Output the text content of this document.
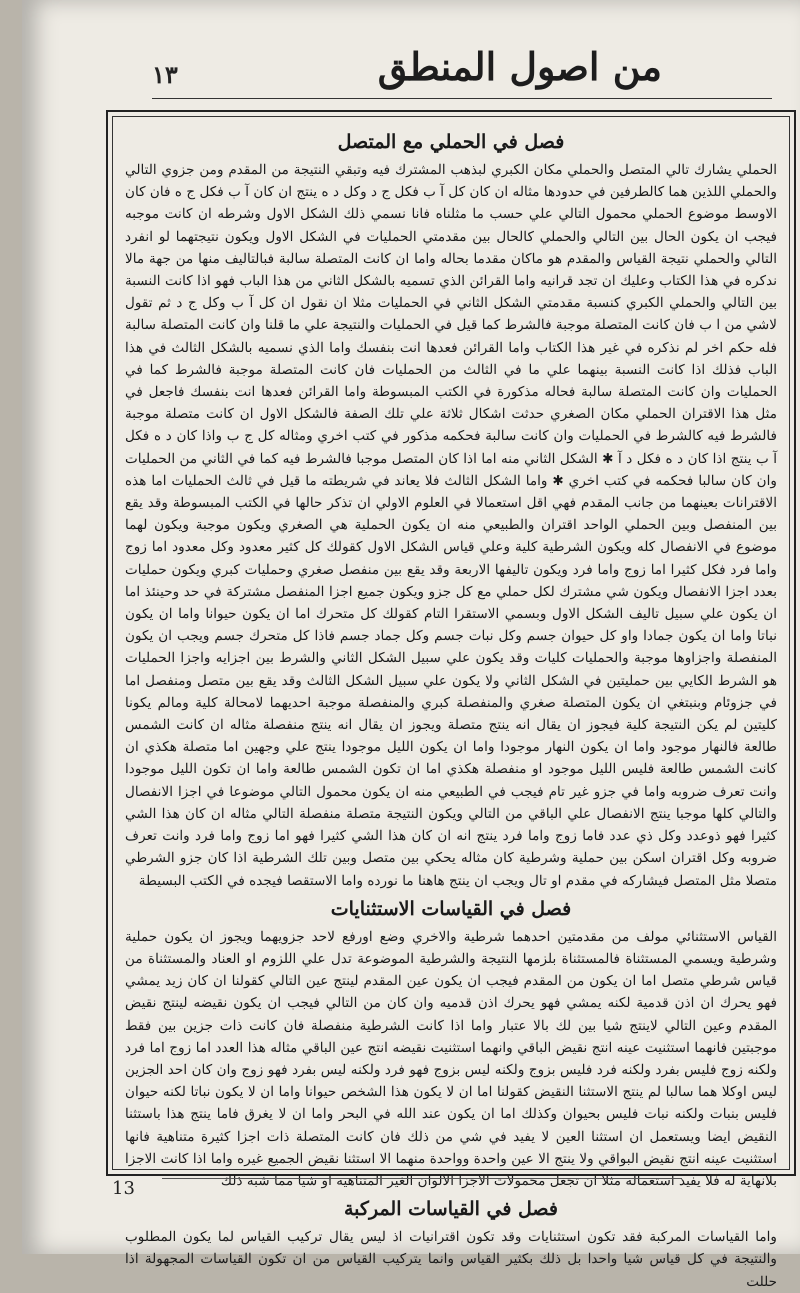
من اصول المنطق
١٣
فصل في الحملي مع المتصل

الحملي يشارك تالي المتصل والحملي مكان الكبري لبذهب المشترك فيه وتبقي النتيجة من المقدم ومن جزوي التالي والحملي اللذين هما كالطرفين في حدودها مثاله ان كان كل آ ب فكل ج د وكل د ه ينتج ان كان آ ب فكل ج ه فان كان الاوسط موضوع الحملي محمول التالي علي حسب ما مثلناه فانا نسمي ذلك الشكل الاول وشرطه ان كانت موجبه فيجب ان يكون الحال بين التالي والحملي كالحال بين مقدمتي الحمليات في الشكل الاول ويكون نتيجتهما لو انفرد التالي والحملي نتيجة القياس والمقدم هو ماكان مقدما بحاله واما ان كانت المتصلة سالبة فبالتاليف منها من جهة مالا ندكره في هذا الكتاب وعليك ان تجد قرانيه واما القرائن الذي تسميه بالشكل الثاني من هذا الباب فهو اذا كانت النسبة بين التالي والحملي الكبري كنسبة مقدمتي الشكل الثاني في الحمليات مثلا ان نقول ان كل آ ب وكل ج د ثم تقول لاشي من ا ب فان كانت المتصلة موجبة فالشرط كما قيل في الحمليات والنتيجة علي ما قلنا وان كانت المتصلة سالبة فله حكم اخر لم نذكره في غير هذا الكتاب واما القرائن فعدها انت بنفسك واما الذي نسميه بالشكل الثالث في هذا الباب فذلك اذا كانت النسبة بينهما علي ما في الثالث من الحمليات فان كانت المتصلة موجبة فالشرط كما في الحمليات وان كانت المتصلة سالبة فحاله مذكورة في الكتب المبسوطة واما القرائن فعدها انت بنفسك فاجعل في مثل هذا الاقتران الحملي مكان الصغري حدثت اشكال ثلاثة علي تلك الصفة فالشكل الاول ان كانت متصلة موجبة فالشرط فيه كالشرط في الحمليات وان كانت سالبة فحكمه مذكور في كتب اخري ومثاله كل ج ب واذا كان د ه فكل آ ب ينتج اذا كان د ه فكل د آ ✱ الشكل الثاني منه اما اذا كان المتصل موجبا فالشرط فيه كما في الثاني من الحمليات وان كان سالبا فحكمه في كتب اخري ✱ واما الشكل الثالث فلا يعاند في شريطته ما قيل في ثالث الحمليات اما هذه الاقترانات بعينهما من جانب المقدم فهي اقل استعمالا في العلوم الاولي ان تذكر حالها في الكتب المبسوطة وقد يقع بين المنفصل وبين الحملي الواحد اقتران والطبيعي منه ان يكون الحملية هي الصغري ويكون موجبة ويكون لهما موضوع في الانفصال كله ويكون الشرطية كلية وعلي قياس الشكل الاول كقولك كل كثير معدود وكل معدود اما زوج واما فرد فكل كثيرا اما زوج واما فرد ويكون تاليفها الاربعة وقد يقع بين منفصل صغري وحمليات كبري ويكون حمليات بعدد اجزا الانفصال ويكون شي مشترك لكل حملي مع كل جزو ويكون جميع اجزا المنفصل مشتركة في حد وحينئذ اما ان يكون علي سبيل تاليف الشكل الاول وبسمي الاستقرا التام كقولك كل متحرك اما ان يكون حيوانا واما ان يكون نباتا واما ان يكون جمادا واو كل حيوان جسم وكل نبات جسم وكل جماد جسم فاذا كل متحرك جسم ويجب ان يكون المنفصلة واجزاوها موجبة والحمليات كليات وقد يكون علي سبيل الشكل الثاني والشرط بين اجزايه واجزا الحمليات هو الشرط الكايي بين حمليتين في الشكل الثاني ولا يكون علي سبيل الشكل الثالث وقد يقع بين متصل ومنفصل اما في جزوئام وبنبتغي ان يكون المتصلة صغري والمنفصلة كبري والمنفصلة موجبة احديهما لامحالة كلية ومالم يكونا كليتين لم يكن النتيجة كلية فيجوز ان يقال انه ينتج متصلة ويجوز ان يقال انه ينتج منفصلة مثاله ان كانت الشمس طالعة فالنهار موجود واما ان يكون النهار موجودا واما ان يكون الليل موجودا ينتج علي وجهين اما متصلة هكذي ان كانت الشمس طالعة فليس الليل موجود او منفصلة هكذي اما ان تكون الشمس طالعة واما ان تكون الليل موجودا وانت تعرف ضروبه واما في جزو غير تام فيجب في الطبيعي منه ان يكون محمول التالي موضوعا في اجزا الانفصال والتالي كلها موجبا ينتج الانفصال علي الباقي من التالي ويكون النتيجة متصلة منفصلة التالي مثاله ان كان هذا الشي كثيرا فهو ذوعدد وكل ذي عدد فاما زوج واما فرد ينتج انه ان كان هذا الشي كثيرا فهو اما زوج واما فرد وانت تعرف ضروبه وكل اقتران اسكن بين حملية وشرطية كان مثاله يحكي بين متصل وبين تلك الشرطية اذا كان جزو الشرطي متصلا مثل المتصل فيشاركه في مقدم او تال ويجب ان ينتج هاهنا ما نورده واما الاستقصا فيجده في الكتب البسيطة

فصل في القياسات الاستثنايات

القياس الاستثنائي مولف من مقدمتين احدهما شرطية والاخري وضع اورفع لاحد جزويهما ويجوز ان يكون حملية وشرطية ويسمي المستثناة فالمستثناة بلزمها النتيجة والشرطية الموضوعة تدل علي اللزوم او العناد والمستثناة من قياس شرطي متصل اما ان يكون من المقدم فيجب ان يكون عين المقدم لينتج عين التالي كقولنا ان كان زيد يمشي فهو يحرك ان اذن قدمية لكنه يمشي فهو يحرك اذن قدميه وان كان من التالي فيجب ان يكون نقيضه لينتج نقيض المقدم وعين التالي لاينتج شيا بين لك بالا عتبار واما اذا كانت الشرطية منفصلة فان كانت ذات جزين بين فقط موجبتين فانهما استثنيت عينه انتج نقيض الباقي وانهما استثنيت نقيضه انتج عين الباقي مثاله هذا العدد اما زوج اما فرد ولكنه زوج فليس بفرد ولكنه فرد فليس بزوج ولكنه ليس بزوج فهو فرد ولكنه ليس بفرد فهو زوج وان كان احد الجزين ليس اوكلا هما سالبا لم ينتج الاستثنا النقيض كقولنا اما ان لا يكون هذا الشخص حيوانا واما ان لا يكون نباتا لكنه حيوان فليس بنبات ولكنه نبات فليس بحيوان وكذلك اما ان يكون عند الله في البحر واما ان لا يغرق فاما ينتج هذا باستثنا النقيض ايضا ويستعمل ان استثنا العين لا يفيد في شي من ذلك فان كانت المتصلة ذات اجزا كثيرة متناهية فانها استثنيت عينه انتج نقيض البواقي ولا ينتج الا عين واحدة وواحدة منهما الا استثنا نقيض الجميع غيره واما اذا كانت الاجزا بلانهاية له فلا يفيد استعماله مثلا ان تجعل محمولات الاجزا الالوان الغير المتناهية او شيا مما شبه ذلك

فصل في القياسات المركبة

واما القياسات المركبة فقد تكون استثنايات وقد تكون اقترانيات اذ ليس يقال تركيب القياس لما يكون المطلوب والنتيجة في كل قياس شيا واحدا بل ذلك بكثير القياس وانما يتركيب القياس من ان تكون القياسات المجهولة اذا حللت

13
